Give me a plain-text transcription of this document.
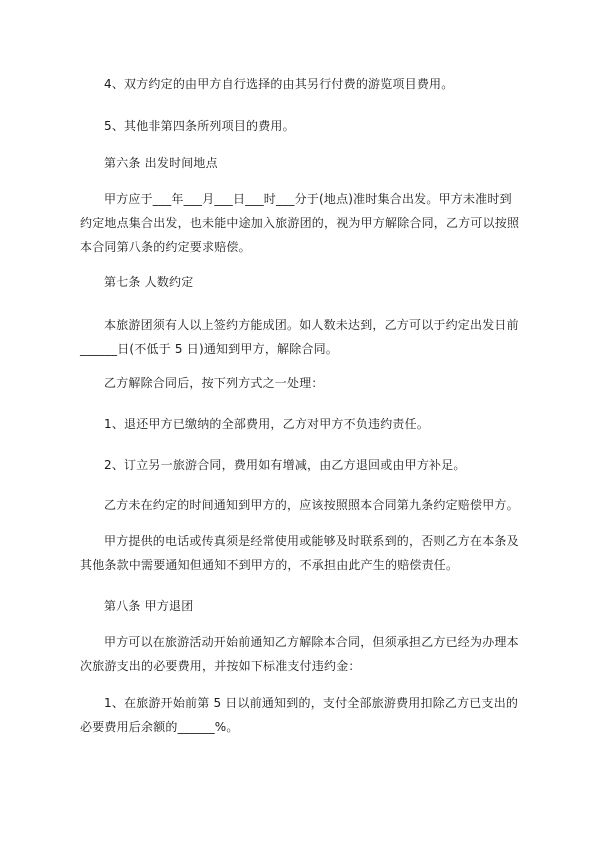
4、双方约定的由甲方自行选择的由其另行付费的游览项目费用。

5、其他非第四条所列项目的费用。

第六条 出发时间地点

甲方应于___年___月___日___时___分于(地点)准时集合出发。甲方未准时到约定地点集合出发，也未能中途加入旅游团的，视为甲方解除合同，乙方可以按照本合同第八条的约定要求赔偿。

第七条 人数约定

本旅游团须有人以上签约方能成团。如人数未达到，乙方可以于约定出发日前______日(不低于 5 日)通知到甲方，解除合同。

乙方解除合同后，按下列方式之一处理：

1、退还甲方已缴纳的全部费用，乙方对甲方不负违约责任。

2、订立另一旅游合同，费用如有增减，由乙方退回或由甲方补足。

乙方未在约定的时间通知到甲方的，应该按照照本合同第九条约定赔偿甲方。

甲方提供的电话或传真须是经常使用或能够及时联系到的，否则乙方在本条及其他条款中需要通知但通知不到甲方的，不承担由此产生的赔偿责任。

第八条 甲方退团

甲方可以在旅游活动开始前通知乙方解除本合同，但须承担乙方已经为办理本次旅游支出的必要费用，并按如下标准支付违约金：

1、在旅游开始前第 5 日以前通知到的，支付全部旅游费用扣除乙方已支出的必要费用后余额的______%。
